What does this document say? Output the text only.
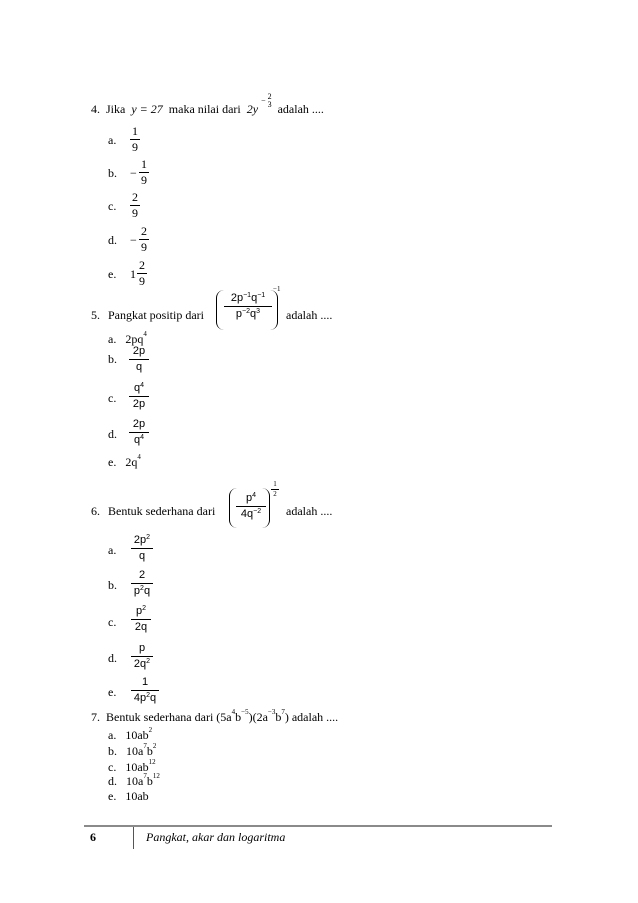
4. Jika y = 27 maka nilai dari 2y − 2
3 adalah ....
a.
1
9
b. −
1
9
c.
2
9
d. −
2
9
e. 1
2
9
5. Pangkat positip dari
$2p^{-1}q^{-1}$
$p^{-2}q^3$
−1
adalah ....
a. $2pq^4$
b.
2p
q
c.
$q^4$
2p
d.
2p
$q^4$
e. $2q^4$
6. Bentuk sederhana dari
$p^4$
$4q^{-2}$
1
2
adalah ....
a.
$2p^2$
q
b.
2
$p^2q$
c.
$p^2$
2q
d.
p
$2q^2$
e.
1
$4p^2q$
7. Bentuk sederhana dari $(5a^4b^{-5})(2a^{-3}b^7)$ adalah ....
a. $10ab^2$
b. $10a^7b^2$
c. $10ab^{12}$
d. $10a^7b^{12}$
e. 10ab
6	Pangkat, akar dan logaritma
